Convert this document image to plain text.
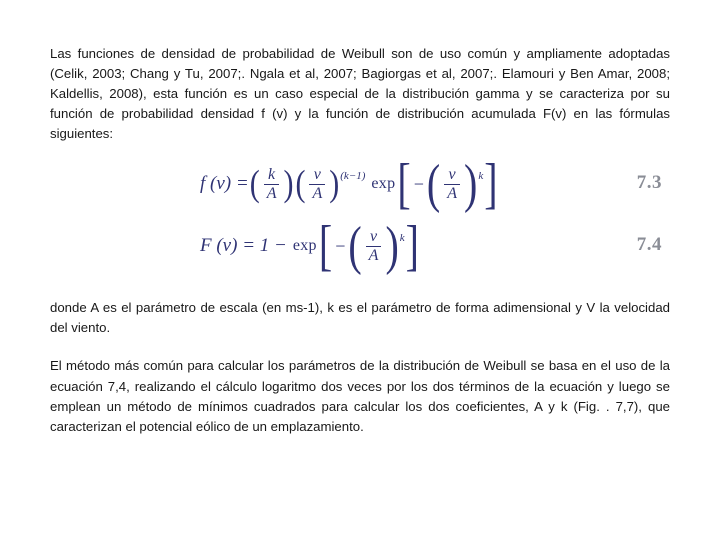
Las funciones de densidad de probabilidad de Weibull son de uso común y ampliamente adoptadas (Celik, 2003; Chang y Tu, 2007;. Ngala et al, 2007; Bagiorgas et al, 2007;. Elamouri y Ben Amar, 2008; Kaldellis, 2008), esta función es un caso especial de la distribución gamma y se caracteriza por su función de probabilidad densidad f (v) y la función de distribución acumulada F(v) en las fórmulas siguientes:

f (v) = ( $\frac{k}{A}$ ) ( $\frac{v}{A}$ ) (k−1) exp [ − ( $\frac{v}{A}$ ) k ]	7.3
F (v) = 1 − exp [ − ( $\frac{v}{A}$ ) k ]	7.4

donde A es el parámetro de escala (en ms-1), k es el parámetro de forma adimensional y V la velocidad del viento.

El método más común para calcular los parámetros de la distribución de Weibull se basa en el uso de la ecuación 7,4, realizando el cálculo logaritmo dos veces por los dos términos de la ecuación y luego se emplean un método de mínimos cuadrados para calcular los dos coeficientes, A y k (Fig. . 7,7), que caracterizan el potencial eólico de un emplazamiento.
